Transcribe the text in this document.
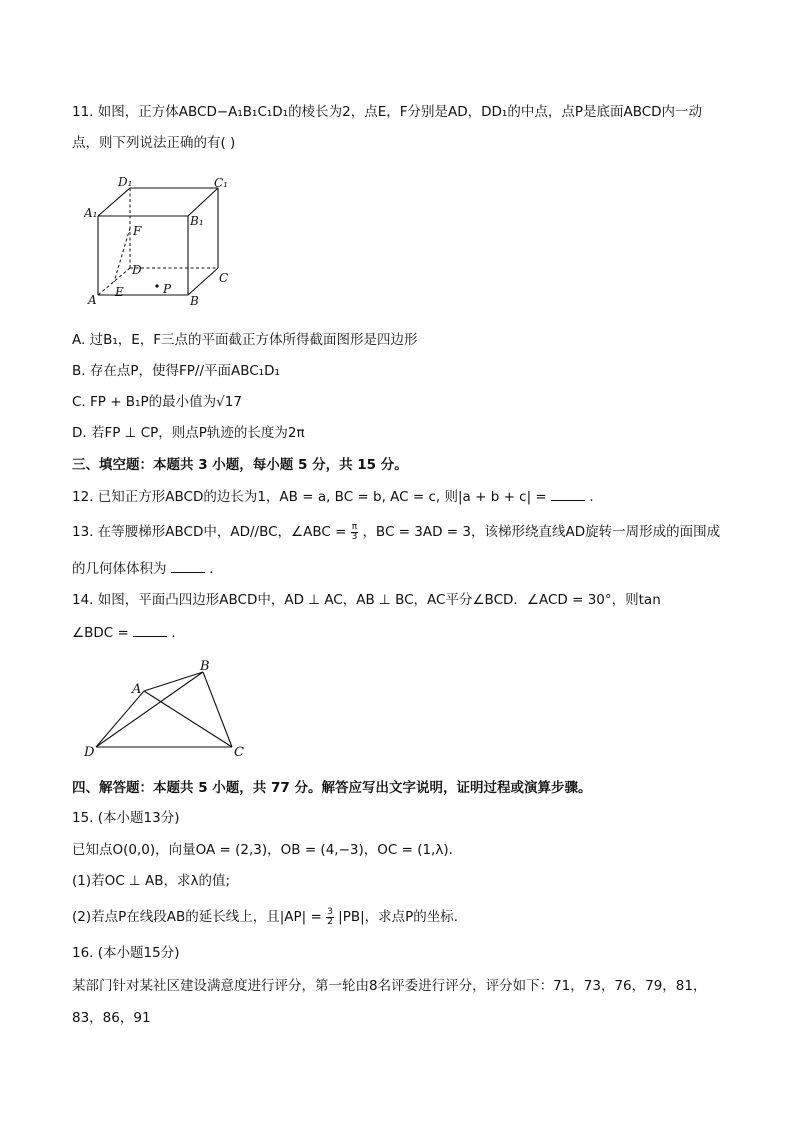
11. 如图，正方体ABCD−A₁B₁C₁D₁的棱长为2，点E，F分别是AD，DD₁的中点，点P是底面ABCD内一动
点，则下列说法正确的有( )
D₁	C₁
A₁
B₁
F
D
C
A
E	P
B
A. 过B₁，E，F三点的平面截正方体所得截面图形是四边形
B. 存在点P，使得FP//平面ABC₁D₁
C. FP + B₁P的最小值为√17
D. 若FP ⊥ CP，则点P轨迹的长度为2π
三、填空题：本题共 3 小题，每小题 5 分，共 15 分。
12. 已知正方形ABCD的边长为1，AB = a, BC = b, AC = c, 则|a + b + c| =	.
13. 在等腰梯形ABCD中，AD//BC，∠ABC = $\frac{\pi}{3}$ ，BC = 3AD = 3，该梯形绕直线AD旋转一周形成的面围成
的几何体体积为	.
14. 如图，平面凸四边形ABCD中，AD ⊥ AC，AB ⊥ BC，AC平分∠BCD．∠ACD = 30°，则tan
∠BDC =	.
A
B
C
D
四、解答题：本题共 5 小题，共 77 分。解答应写出文字说明，证明过程或演算步骤。
15. (本小题13分)
已知点O(0,0)，向量OA = (2,3)，OB = (4,−3)，OC = (1,λ).
(1)若OC ⊥ AB，求λ的值;
(2)若点P在线段AB的延长线上，且$|AP| = \frac{3}{2} |PB|$，求点P的坐标．
16. (本小题15分)
某部门针对某社区建设满意度进行评分，第一轮由8名评委进行评分，评分如下：71，73，76，79，81，
83，86，91
